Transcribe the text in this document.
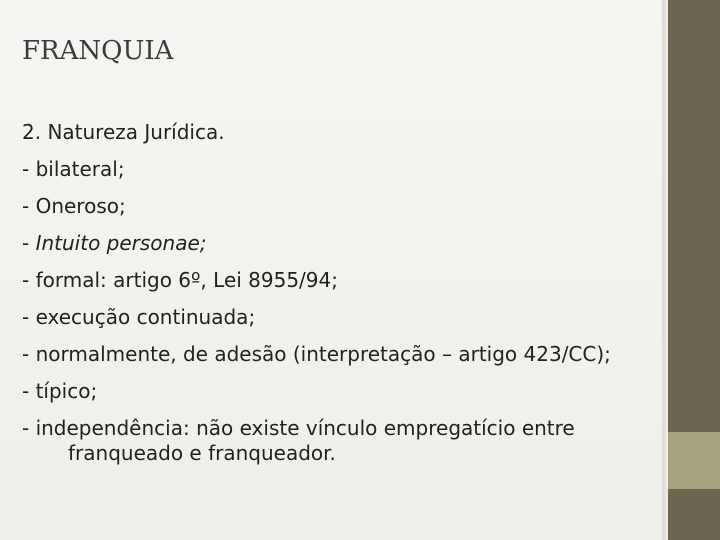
FRANQUIA
2. Natureza Jurídica.
- bilateral;
- Oneroso;
- Intuito personae;
- formal: artigo 6º, Lei 8955/94;
- execução continuada;
- normalmente, de adesão (interpretação – artigo 423/CC);
- típico;
- independência: não existe vínculo empregatício entre
franqueado e franqueador.
